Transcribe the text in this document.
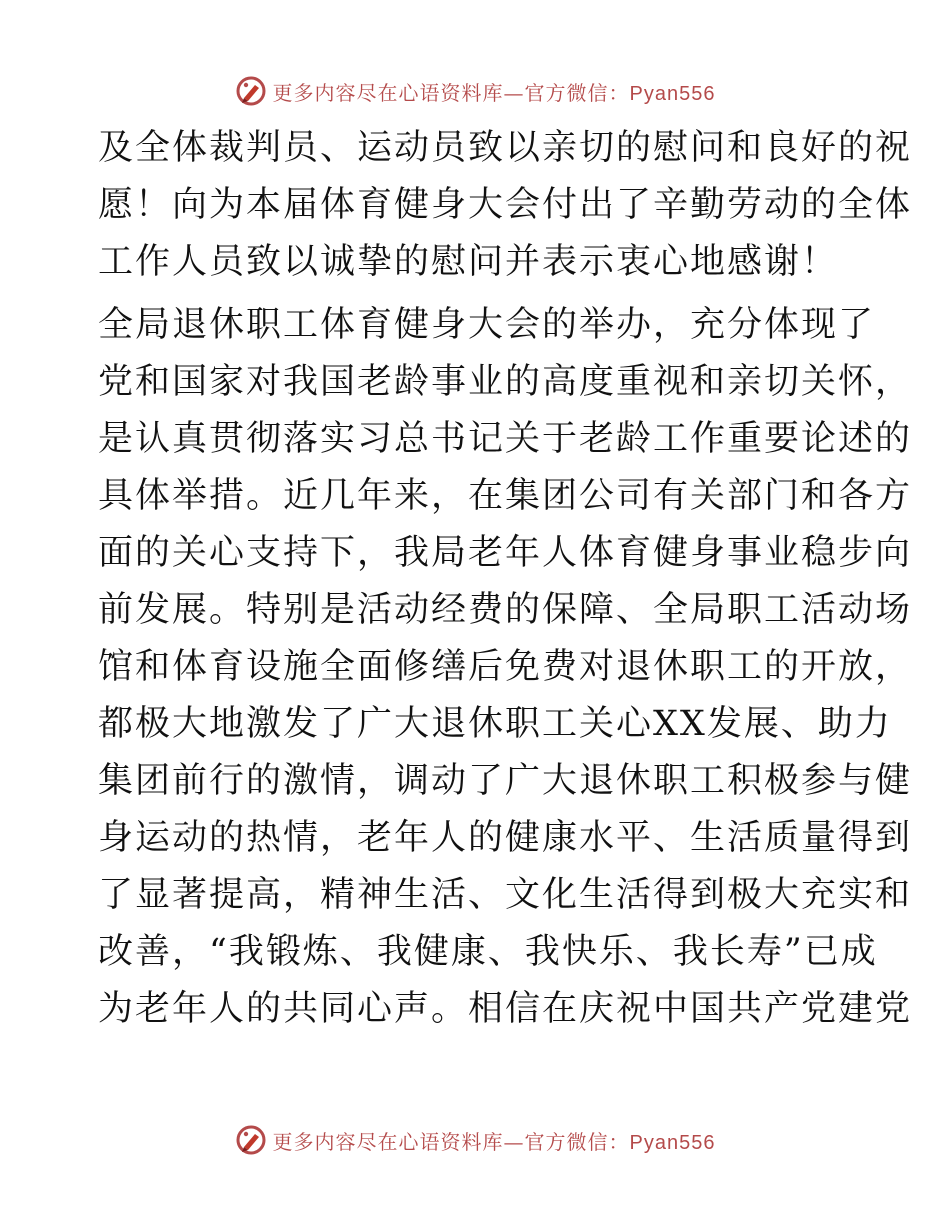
更多内容尽在心语资料库—官方微信：Pyan556
及全体裁判员、运动员致以亲切的慰问和良好的祝
愿！向为本届体育健身大会付出了辛勤劳动的全体
工作人员致以诚挚的慰问并表示衷心地感谢！
全局退休职工体育健身大会的举办，充分体现了
党和国家对我国老龄事业的高度重视和亲切关怀，
是认真贯彻落实习总书记关于老龄工作重要论述的
具体举措。近几年来，在集团公司有关部门和各方
面的关心支持下，我局老年人体育健身事业稳步向
前发展。特别是活动经费的保障、全局职工活动场
馆和体育设施全面修缮后免费对退休职工的开放，
都极大地激发了广大退休职工关心XX发展、助力
集团前行的激情，调动了广大退休职工积极参与健
身运动的热情，老年人的健康水平、生活质量得到
了显著提高，精神生活、文化生活得到极大充实和
改善，“我锻炼、我健康、我快乐、我长寿”已成
为老年人的共同心声。相信在庆祝中国共产党建党
更多内容尽在心语资料库—官方微信：Pyan556
